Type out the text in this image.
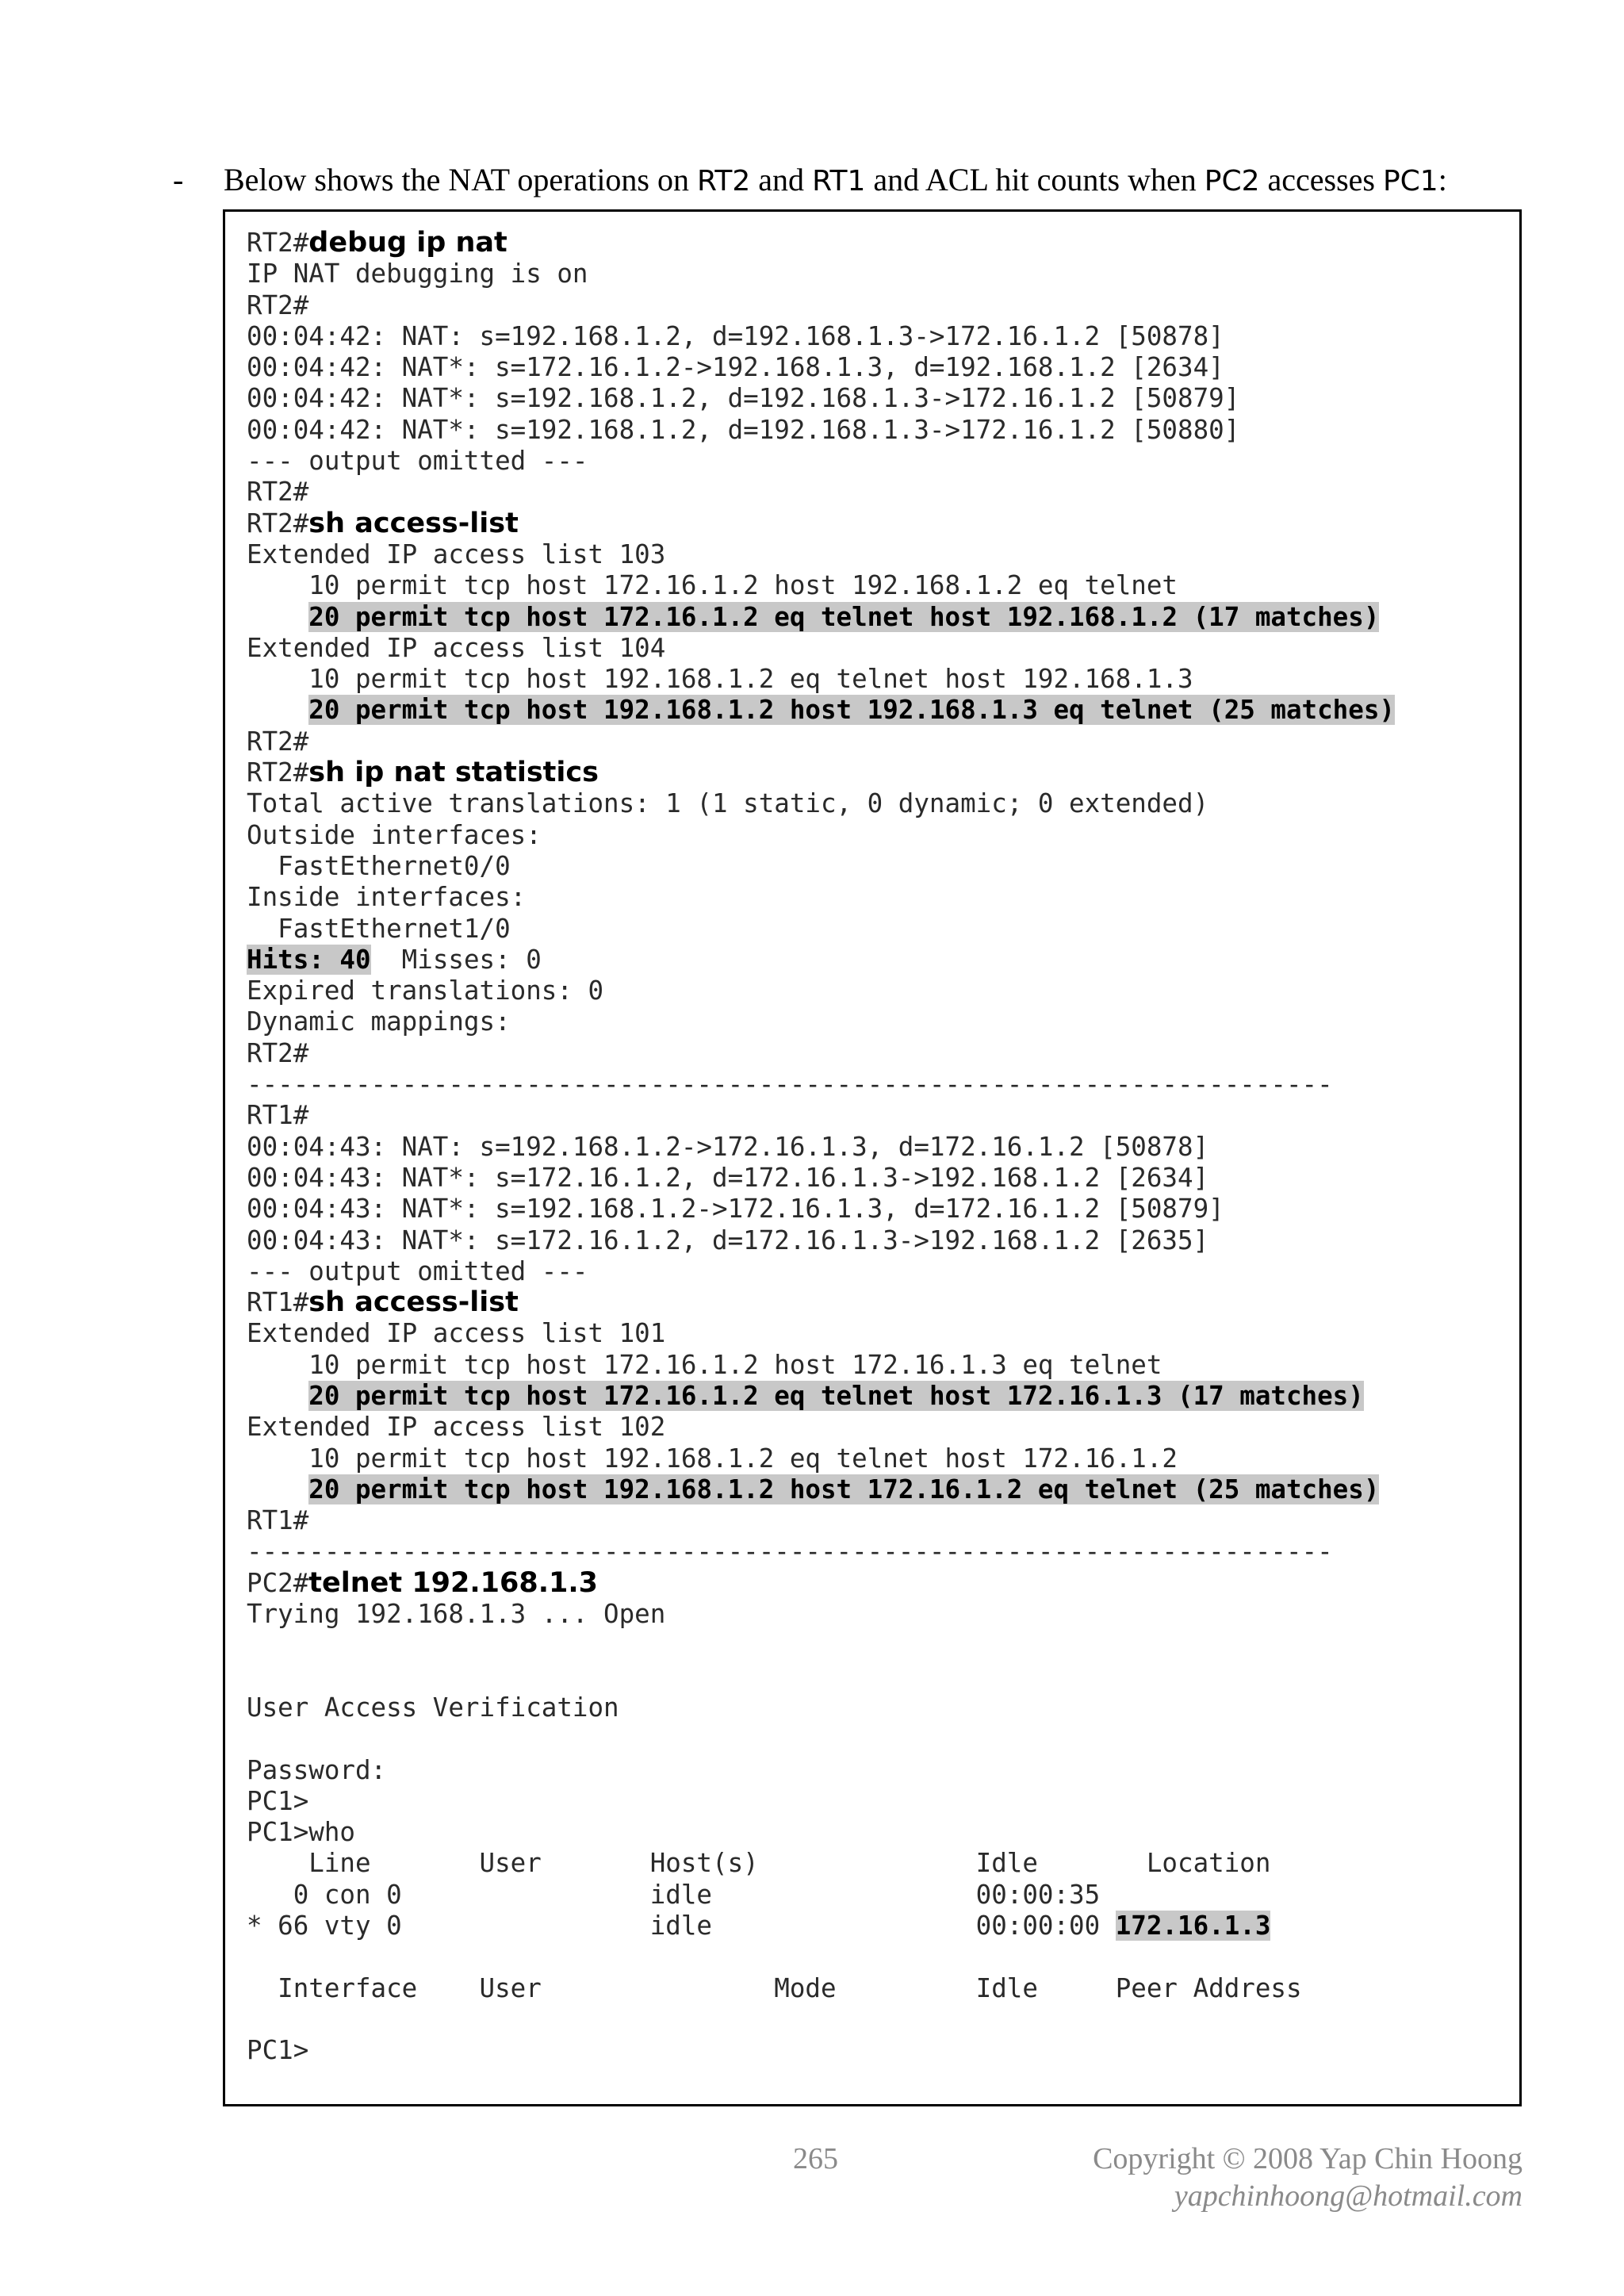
- Below shows the NAT operations on RT2 and RT1 and ACL hit counts when PC2 accesses PC1:
RT2#debug ip nat
IP NAT debugging is on
RT2#
00:04:42: NAT: s=192.168.1.2, d=192.168.1.3->172.16.1.2 [50878]
00:04:42: NAT*: s=172.16.1.2->192.168.1.3, d=192.168.1.2 [2634]
00:04:42: NAT*: s=192.168.1.2, d=192.168.1.3->172.16.1.2 [50879]
00:04:42: NAT*: s=192.168.1.2, d=192.168.1.3->172.16.1.2 [50880]
--- output omitted ---
RT2#
RT2#sh access-list
Extended IP access list 103
10 permit tcp host 172.16.1.2 host 192.168.1.2 eq telnet
20 permit tcp host 172.16.1.2 eq telnet host 192.168.1.2 (17 matches)
Extended IP access list 104
10 permit tcp host 192.168.1.2 eq telnet host 192.168.1.3
20 permit tcp host 192.168.1.2 host 192.168.1.3 eq telnet (25 matches)
RT2#
RT2#sh ip nat statistics
Total active translations: 1 (1 static, 0 dynamic; 0 extended)
Outside interfaces:
FastEthernet0/0
Inside interfaces:
FastEthernet1/0
Hits: 40  Misses: 0
Expired translations: 0
Dynamic mappings:
RT2#
----------------------------------------------------------------------
RT1#
00:04:43: NAT: s=192.168.1.2->172.16.1.3, d=172.16.1.2 [50878]
00:04:43: NAT*: s=172.16.1.2, d=172.16.1.3->192.168.1.2 [2634]
00:04:43: NAT*: s=192.168.1.2->172.16.1.3, d=172.16.1.2 [50879]
00:04:43: NAT*: s=172.16.1.2, d=172.16.1.3->192.168.1.2 [2635]
--- output omitted ---
RT1#sh access-list
Extended IP access list 101
10 permit tcp host 172.16.1.2 host 172.16.1.3 eq telnet
20 permit tcp host 172.16.1.2 eq telnet host 172.16.1.3 (17 matches)
Extended IP access list 102
10 permit tcp host 192.168.1.2 eq telnet host 172.16.1.2
20 permit tcp host 192.168.1.2 host 172.16.1.2 eq telnet (25 matches)
RT1#
----------------------------------------------------------------------
PC2#telnet 192.168.1.3
Trying 192.168.1.3 ... Open
User Access Verification
Password:
PC1>
PC1>who
Line       User       Host(s)              Idle       Location
0 con 0                idle                 00:00:35
* 66 vty 0                idle                 00:00:00 172.16.1.3
Interface    User               Mode         Idle     Peer Address
PC1>
265	Copyright © 2008 Yap Chin Hoong
yapchinhoong@hotmail.com
